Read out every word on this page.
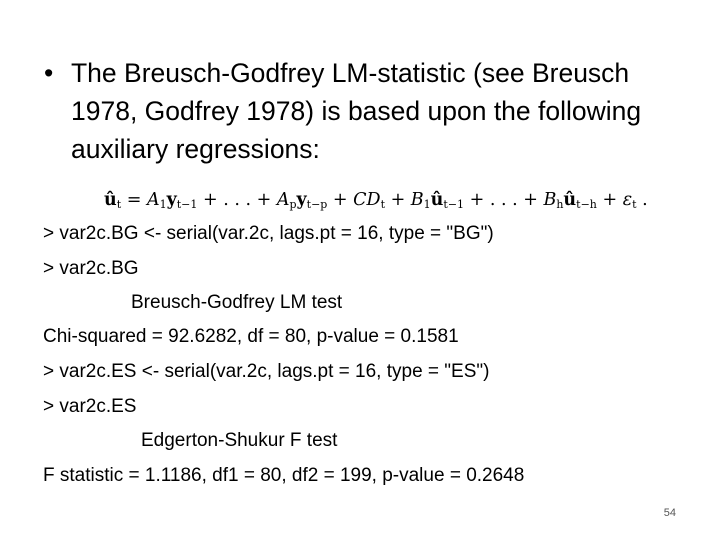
• The Breusch-Godfrey LM-statistic (see Breusch 1978, Godfrey 1978) is based upon the following auxiliary regressions:
$û_t = A_1y_{t-1}$ + . . . + $A_py_{t-p} + CD_t$ + $B_1û_{t-1}$ + . . . + $B_hû_{t-h} + \varepsilon_t$ .
> var2c.BG <- serial(var.2c, lags.pt = 16, type = "BG")
> var2c.BG
Breusch-Godfrey LM test
Chi-squared = 92.6282, df = 80, p-value = 0.1581
> var2c.ES <- serial(var.2c, lags.pt = 16, type = "ES")
> var2c.ES
Edgerton-Shukur F test
F statistic = 1.1186, df1 = 80, df2 = 199, p-value = 0.2648
54
